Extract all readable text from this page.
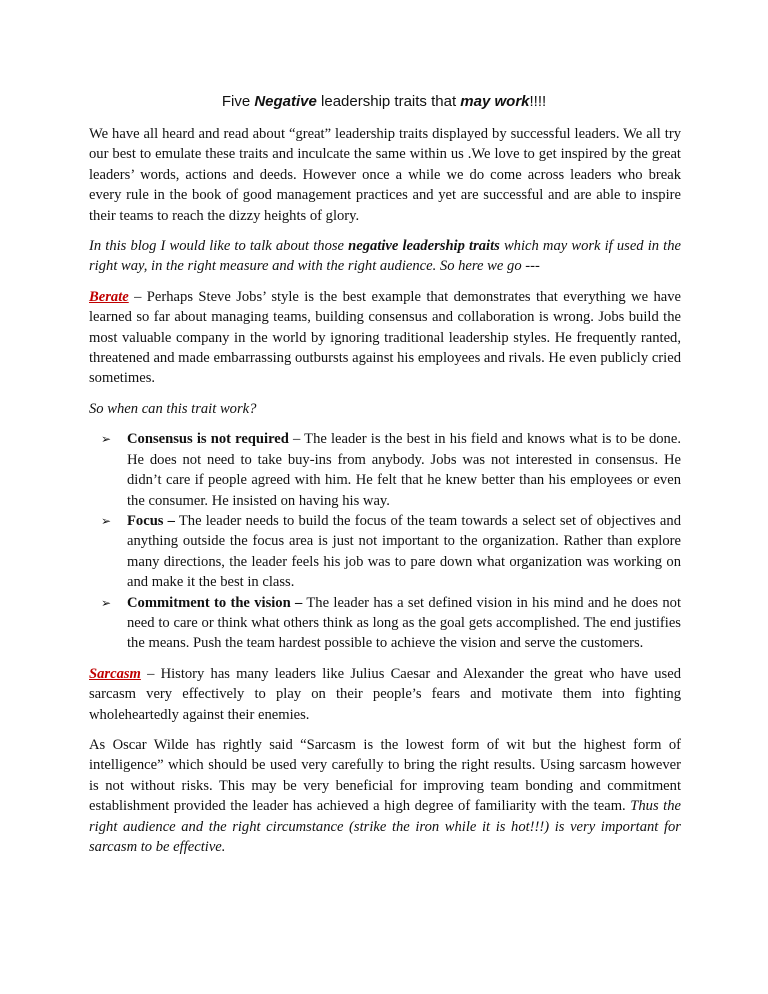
Five Negative leadership traits that may work!!!!

We have all heard and read about “great” leadership traits displayed by successful leaders. We all try our best to emulate these traits and inculcate the same within us .We love to get inspired by the great leaders’ words, actions and deeds. However once a while we do come across leaders who break every rule in the book of good management practices and yet are successful and are able to inspire their teams to reach the dizzy heights of glory.

In this blog I would like to talk about those negative leadership traits which may work if used in the right way, in the right measure and with the right audience. So here we go ---

Berate – Perhaps Steve Jobs’ style is the best example that demonstrates that everything we have learned so far about managing teams, building consensus and collaboration is wrong. Jobs build the most valuable company in the world by ignoring traditional leadership styles. He frequently ranted, threatened and made embarrassing outbursts against his employees and rivals. He even publicly cried sometimes.

So when can this trait work?

➢ Consensus is not required – The leader is the best in his field and knows what is to be done. He does not need to take buy-ins from anybody. Jobs was not interested in consensus. He didn’t care if people agreed with him. He felt that he knew better than his employees or even the consumer. He insisted on having his way.
➢ Focus – The leader needs to build the focus of the team towards a select set of objectives and anything outside the focus area is just not important to the organization. Rather than explore many directions, the leader feels his job was to pare down what organization was working on and make it the best in class.
➢ Commitment to the vision – The leader has a set defined vision in his mind and he does not need to care or think what others think as long as the goal gets accomplished. The end justifies the means. Push the team hardest possible to achieve the vision and serve the customers.

Sarcasm – History has many leaders like Julius Caesar and Alexander the great who have used sarcasm very effectively to play on their people’s fears and motivate them into fighting wholeheartedly against their enemies.

As Oscar Wilde has rightly said “Sarcasm is the lowest form of wit but the highest form of intelligence” which should be used very carefully to bring the right results. Using sarcasm however is not without risks. This may be very beneficial for improving team bonding and commitment establishment provided the leader has achieved a high degree of familiarity with the team. Thus the right audience and the right circumstance (strike the iron while it is hot!!!) is very important for sarcasm to be effective.
